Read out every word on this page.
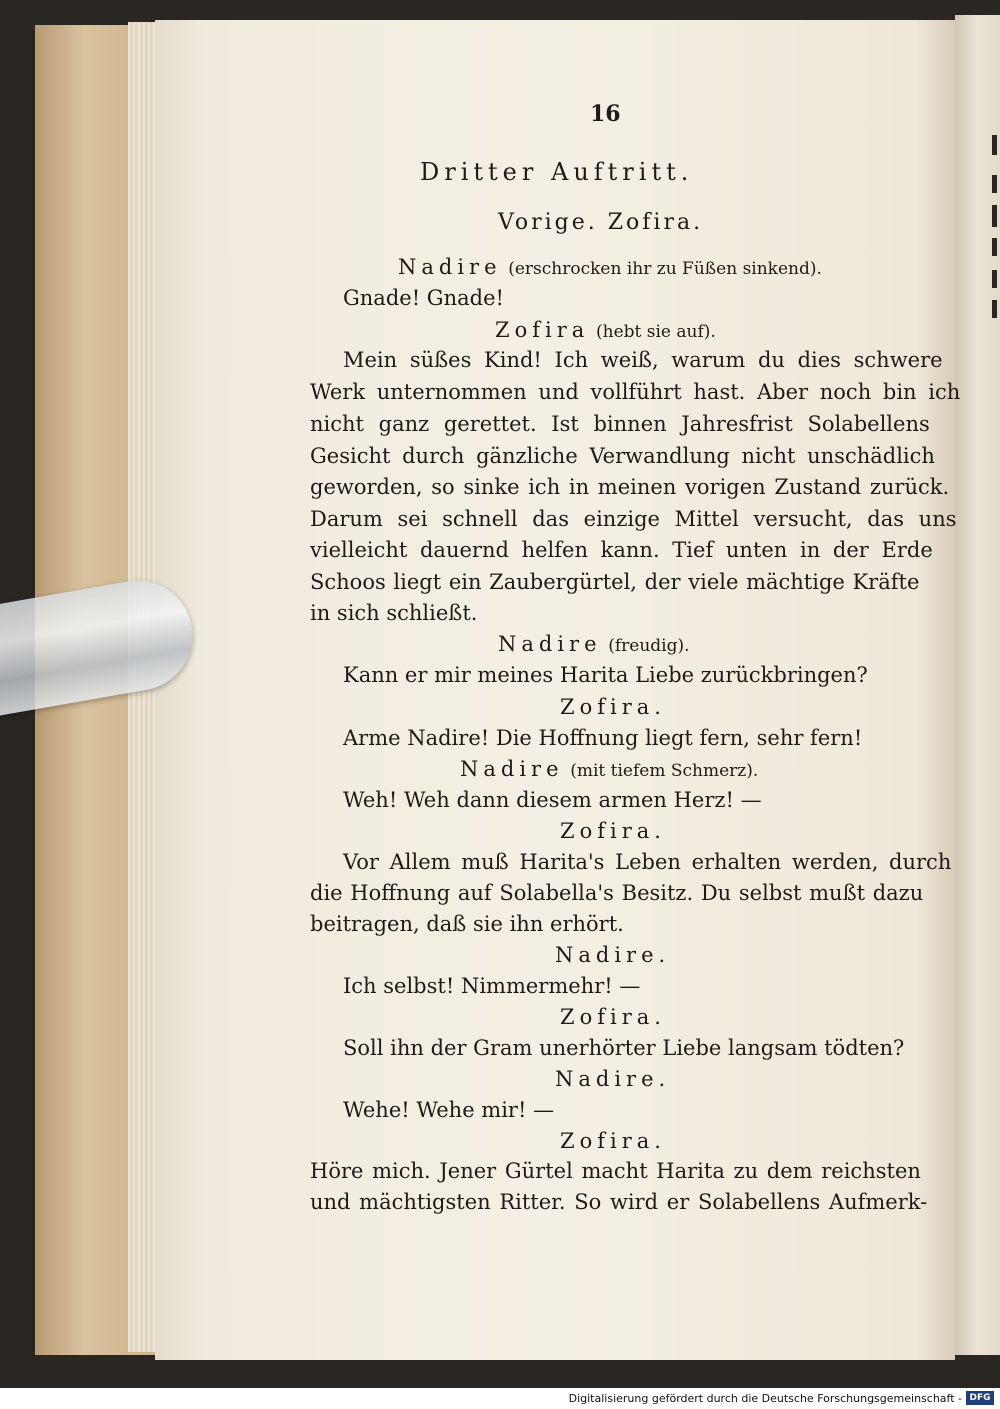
16
Dritter Auftritt.
Vorige. Zofira.
Nadire (erschrocken ihr zu Füßen sinkend).
Gnade! Gnade!
Zofira (hebt sie auf).
Mein süßes Kind! Ich weiß, warum du dies schwere
Werk unternommen und vollführt hast. Aber noch bin ich
nicht ganz gerettet. Ist binnen Jahresfrist Solabellens
Gesicht durch gänzliche Verwandlung nicht unschädlich
geworden, so sinke ich in meinen vorigen Zustand zurück.
Darum sei schnell das einzige Mittel versucht, das uns
vielleicht dauernd helfen kann. Tief unten in der Erde
Schoos liegt ein Zaubergürtel, der viele mächtige Kräfte
in sich schließt.
Nadire (freudig).
Kann er mir meines Harita Liebe zurückbringen?
Zofira.
Arme Nadire! Die Hoffnung liegt fern, sehr fern!
Nadire (mit tiefem Schmerz).
Weh! Weh dann diesem armen Herz! —
Zofira.
Vor Allem muß Harita's Leben erhalten werden, durch
die Hoffnung auf Solabella's Besitz. Du selbst mußt dazu
beitragen, daß sie ihn erhört.
Nadire.
Ich selbst! Nimmermehr! —
Zofira.
Soll ihn der Gram unerhörter Liebe langsam tödten?
Nadire.
Wehe! Wehe mir! —
Zofira.
Höre mich. Jener Gürtel macht Harita zu dem reichsten
und mächtigsten Ritter. So wird er Solabellens Aufmerk-
Digitalisierung gefördert durch die Deutsche Forschungsgemeinschaft - DFG
